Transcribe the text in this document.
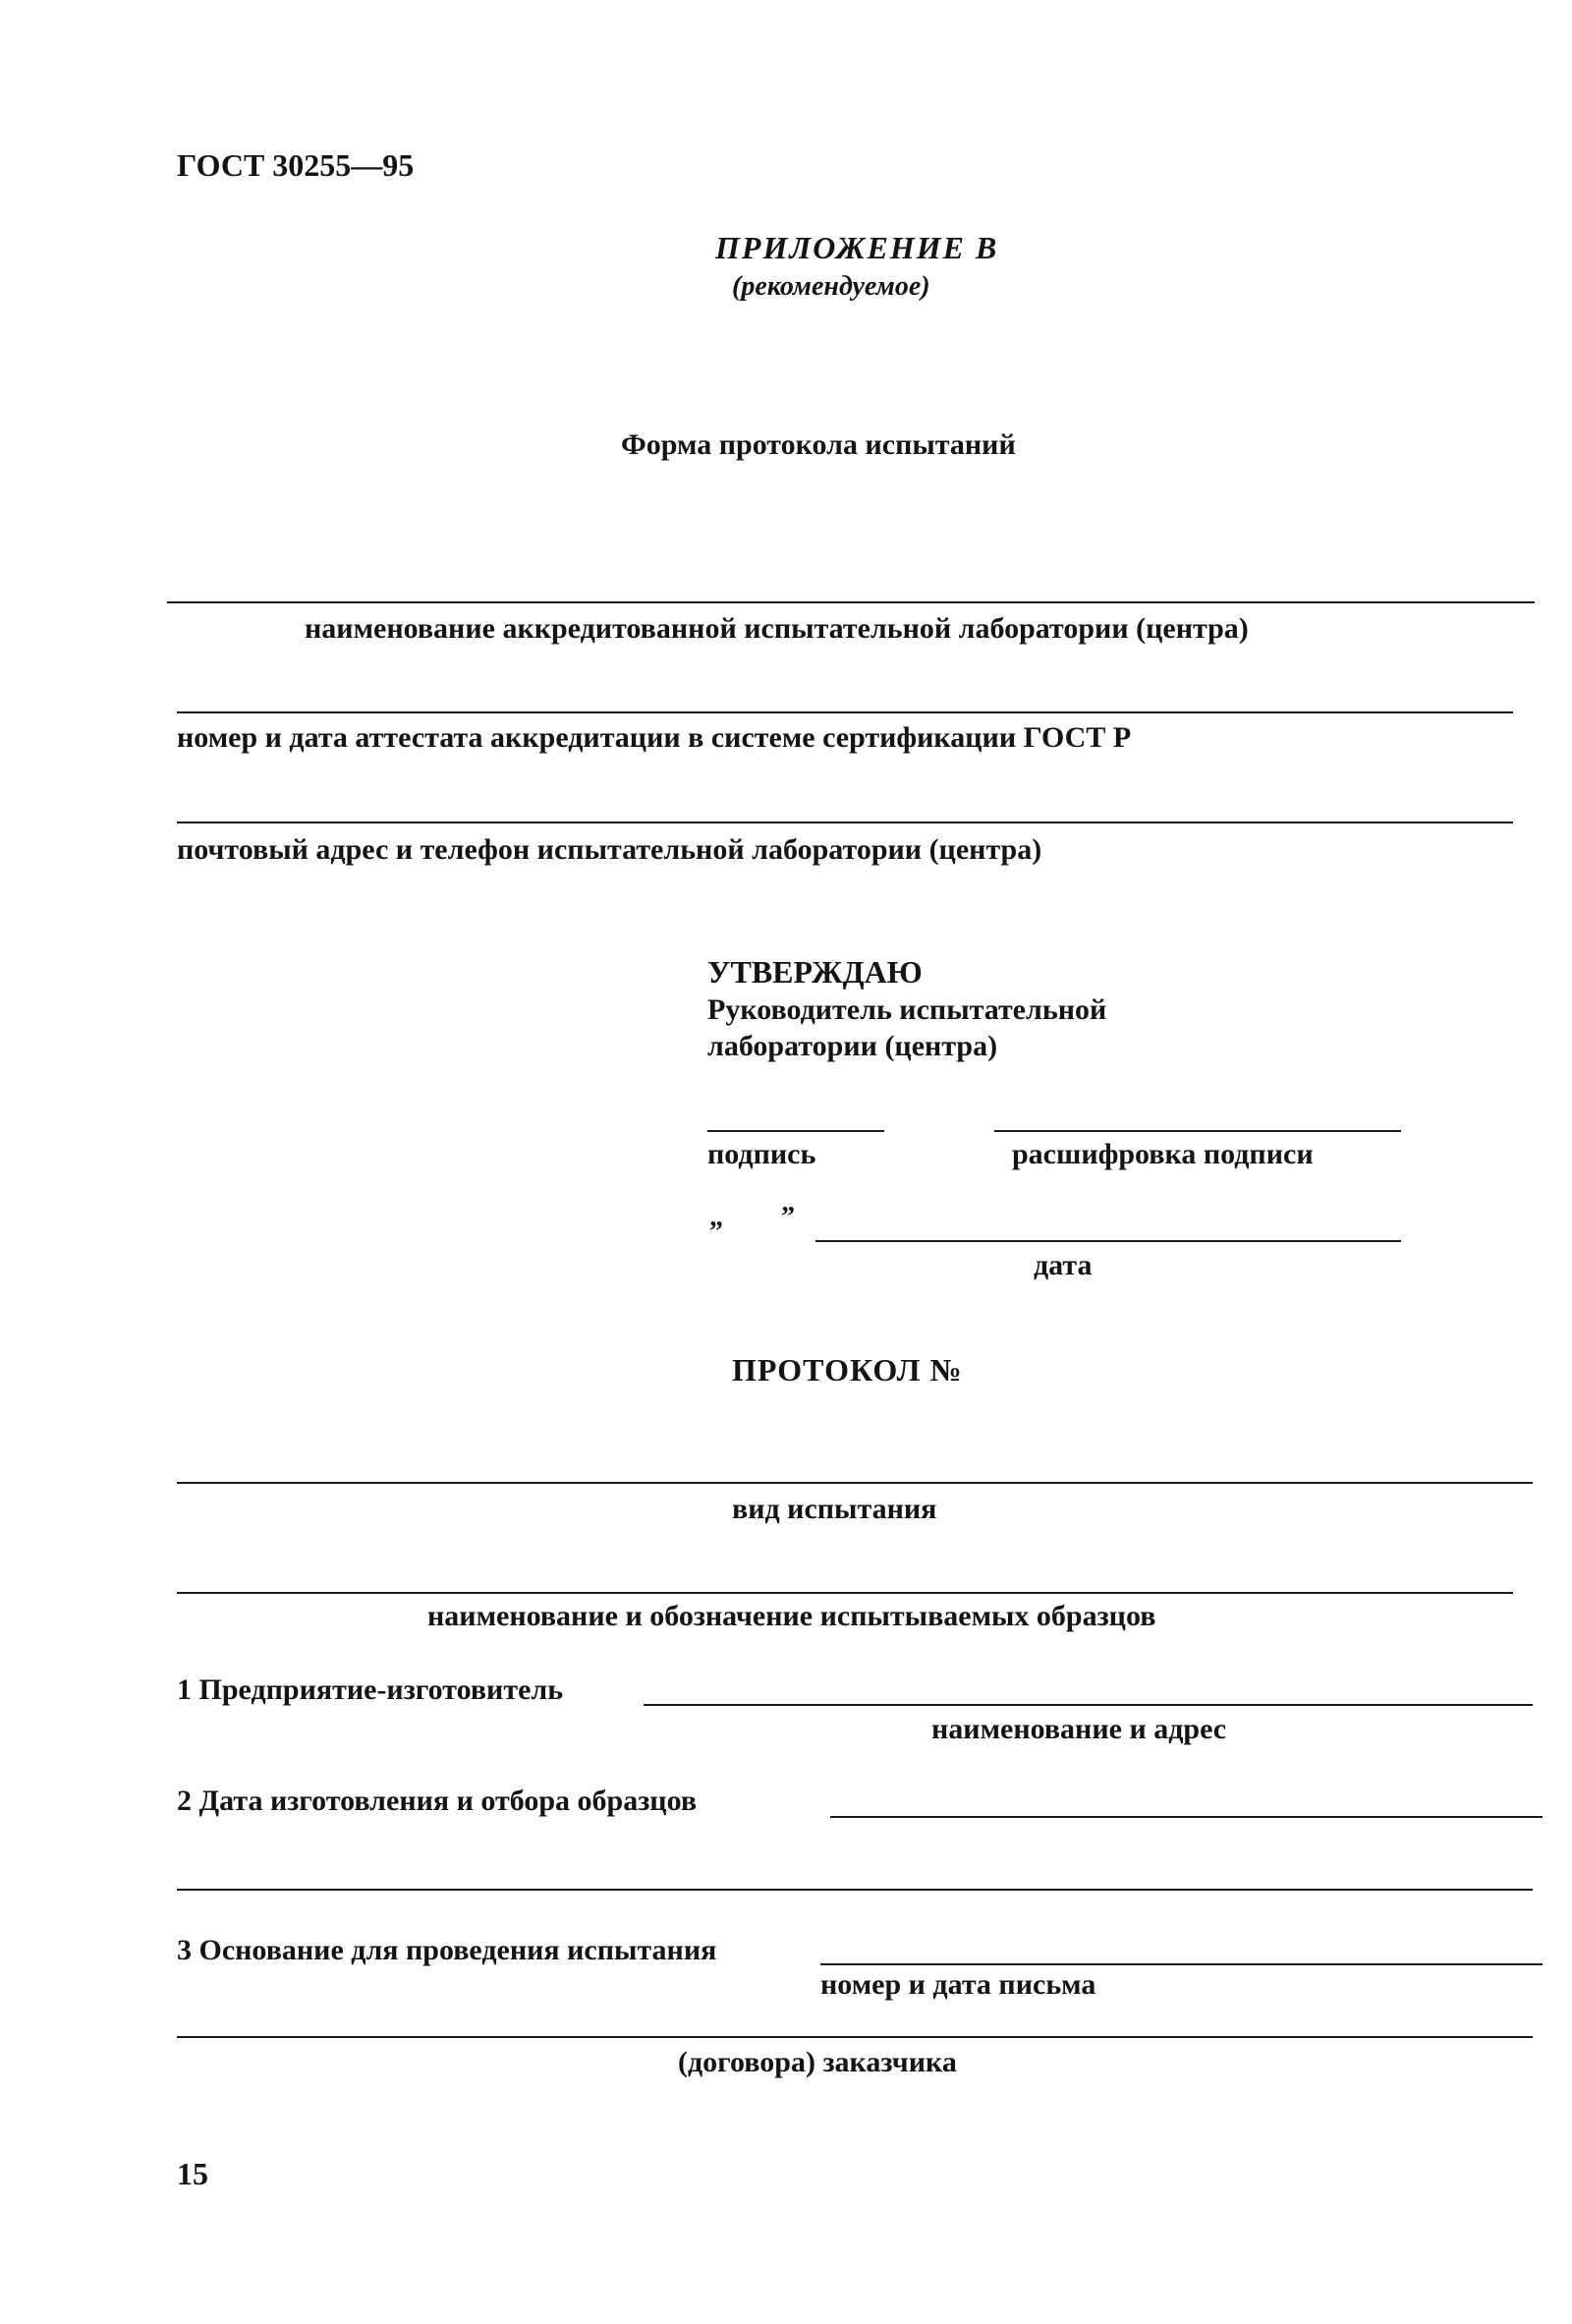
ГОСТ 30255—95
ПРИЛОЖЕНИЕ В
(рекомендуемое)
Форма протокола испытаний
наименование аккредитованной испытательной лаборатории (центра)
номер и дата аттестата аккредитации в системе сертификации ГОСТ Р
почтовый адрес и телефон испытательной лаборатории (центра)
УТВЕРЖДАЮ
Руководитель испытательной
лаборатории (центра)
подпись	расшифровка подписи
„ ”
дата
ПРОТОКОЛ №
вид испытания
наименование и обозначение испытываемых образцов
1 Предприятие-изготовитель
наименование и адрес
2 Дата изготовления и отбора образцов
3 Основание для проведения испытания
номер и дата письма
(договора) заказчика
15
